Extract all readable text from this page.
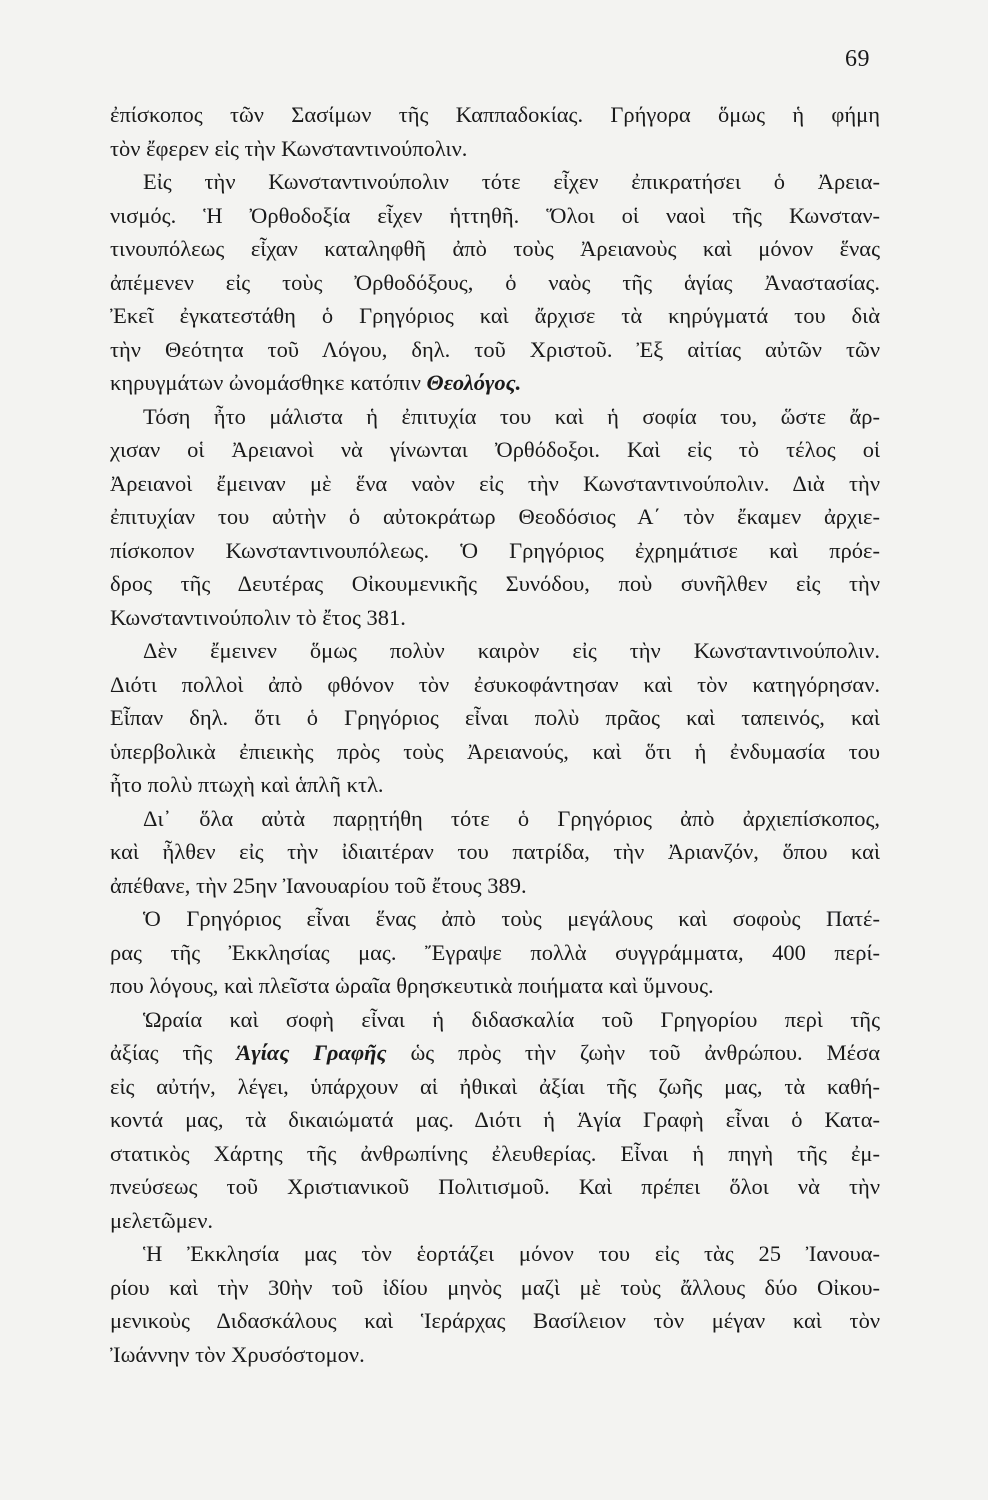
69
ἐπίσκοπος τῶν Σασίμων τῆς Καππαδοκίας. Γρήγορα ὅμως ἡ φήμη
τὸν ἔφερεν εἰς τὴν Κωνσταντινούπολιν.
Εἰς τὴν Κωνσταντινούπολιν τότε εἶχεν ἐπικρατήσει ὁ Ἀρεια-
νισμός. Ἡ Ὀρθοδοξία εἶχεν ἡττηθῆ. Ὅλοι οἱ ναοὶ τῆς Κωνσταν-
τινουπόλεως εἶχαν καταληφθῆ ἀπὸ τοὺς Ἀρειανοὺς καὶ μόνον ἕνας
ἀπέμενεν εἰς τοὺς Ὀρθοδόξους, ὁ ναὸς τῆς ἁγίας Ἀναστασίας.
Ἐκεῖ ἐγκατεστάθη ὁ Γρηγόριος καὶ ἄρχισε τὰ κηρύγματά του διὰ
τὴν Θεότητα τοῦ Λόγου, δηλ. τοῦ Χριστοῦ. Ἐξ αἰτίας αὐτῶν τῶν
κηρυγμάτων ὠνομάσθηκε κατόπιν Θεολόγος.
Τόση ἦτο μάλιστα ἡ ἐπιτυχία του καὶ ἡ σοφία του, ὥστε ἄρ-
χισαν οἱ Ἀρειανοὶ νὰ γίνωνται Ὀρθόδοξοι. Καὶ εἰς τὸ τέλος οἱ
Ἀρειανοὶ ἔμειναν μὲ ἕνα ναὸν εἰς τὴν Κωνσταντινούπολιν. Διὰ τὴν
ἐπιτυχίαν του αὐτὴν ὁ αὐτοκράτωρ Θεοδόσιος Α΄ τὸν ἔκαμεν ἀρχιε-
πίσκοπον Κωνσταντινουπόλεως. Ὁ Γρηγόριος ἐχρημάτισε καὶ πρόε-
δρος τῆς Δευτέρας Οἰκουμενικῆς Συνόδου, ποὺ συνῆλθεν εἰς τὴν
Κωνσταντινούπολιν τὸ ἔτος 381.
Δὲν ἔμεινεν ὅμως πολὺν καιρὸν εἰς τὴν Κωνσταντινούπολιν.
Διότι πολλοὶ ἀπὸ φθόνον τὸν ἐσυκοφάντησαν καὶ τὸν κατηγόρησαν.
Εἶπαν δηλ. ὅτι ὁ Γρηγόριος εἶναι πολὺ πρᾶος καὶ ταπεινός, καὶ
ὑπερβολικὰ ἐπιεικὴς πρὸς τοὺς Ἀρειανούς, καὶ ὅτι ἡ ἐνδυμασία του
ἦτο πολὺ πτωχὴ καὶ ἁπλῆ κτλ.
Δι᾽ ὅλα αὐτὰ παρῃτήθη τότε ὁ Γρηγόριος ἀπὸ ἀρχιεπίσκοπος,
καὶ ἦλθεν εἰς τὴν ἰδιαιτέραν του πατρίδα, τὴν Ἀριανζόν, ὅπου καὶ
ἀπέθανε, τὴν 25ην Ἰανουαρίου τοῦ ἔτους 389.
Ὁ Γρηγόριος εἶναι ἕνας ἀπὸ τοὺς μεγάλους καὶ σοφοὺς Πατέ-
ρας τῆς Ἐκκλησίας μας. Ἔγραψε πολλὰ συγγράμματα, 400 περί-
που λόγους, καὶ πλεῖστα ὡραῖα θρησκευτικὰ ποιήματα καὶ ὕμνους.
Ὡραία καὶ σοφὴ εἶναι ἡ διδασκαλία τοῦ Γρηγορίου περὶ τῆς
ἀξίας τῆς Ἁγίας Γραφῆς ὡς πρὸς τὴν ζωὴν τοῦ ἀνθρώπου. Μέσα
εἰς αὐτήν, λέγει, ὑπάρχουν αἱ ἠθικαὶ ἀξίαι τῆς ζωῆς μας, τὰ καθή-
κοντά μας, τὰ δικαιώματά μας. Διότι ἡ Ἁγία Γραφὴ εἶναι ὁ Κατα-
στατικὸς Χάρτης τῆς ἀνθρωπίνης ἐλευθερίας. Εἶναι ἡ πηγὴ τῆς ἐμ-
πνεύσεως τοῦ Χριστιανικοῦ Πολιτισμοῦ. Καὶ πρέπει ὅλοι νὰ τὴν
μελετῶμεν.
Ἡ Ἐκκλησία μας τὸν ἑορτάζει μόνον του εἰς τὰς 25 Ἰανουα-
ρίου καὶ τὴν 30ὴν τοῦ ἰδίου μηνὸς μαζὶ μὲ τοὺς ἄλλους δύο Οἰκου-
μενικοὺς Διδασκάλους καὶ Ἱεράρχας Βασίλειον τὸν μέγαν καὶ τὸν
Ἰωάννην τὸν Χρυσόστομον.
